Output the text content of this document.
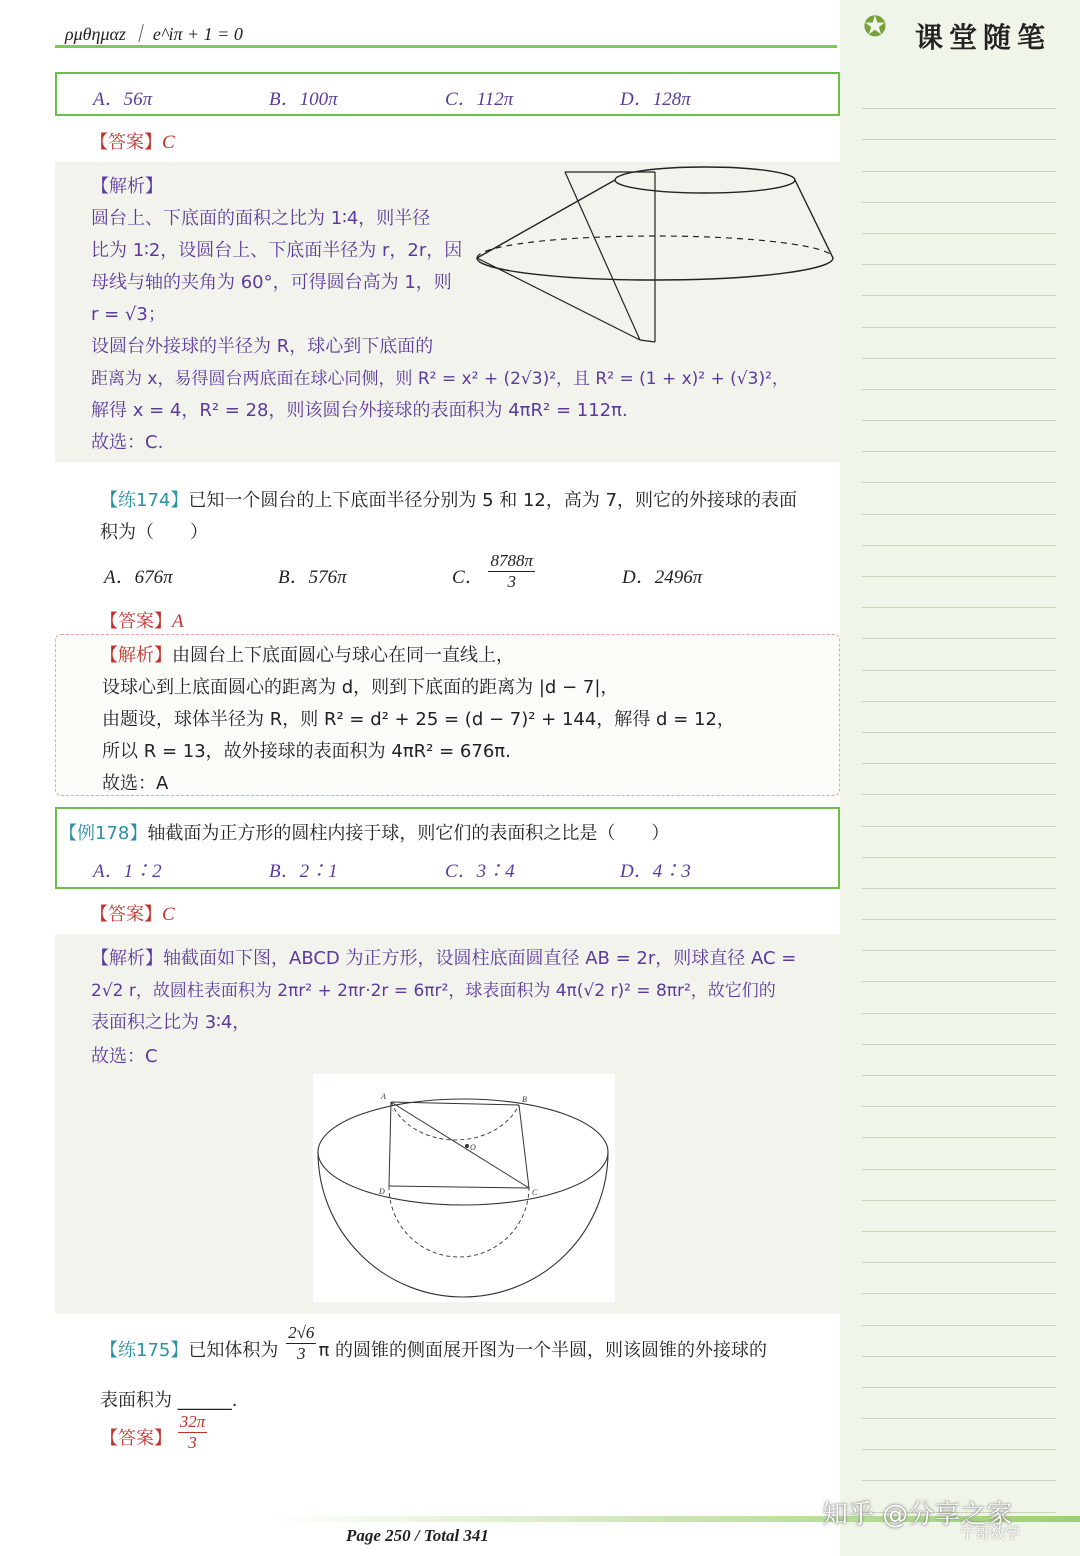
ρμθημαz ｜ e^iπ + 1 = 0	✪ 课堂随笔
A．56π	B．100π	C．112π	D．128π
【答案】C
【解析】
圆台上、下底面的面积之比为 1∶4，则半径
比为 1∶2，设圆台上、下底面半径为 r，2r，因
母线与轴的夹角为 60°，可得圆台高为 1，则
r = √3；
设圆台外接球的半径为 R，球心到下底面的
距离为 x，易得圆台两底面在球心同侧，则 R² = x² + (2√3)²，且 R² = (1 + x)² + (√3)²，
解得 x = 4，R² = 28，则该圆台外接球的表面积为 4πR² = 112π.
故选：C.
【练174】已知一个圆台的上下底面半径分别为 5 和 12，高为 7，则它的外接球的表面
积为（　　）
A．676π	B．576π	C． $\frac{8788\pi}{3}$	D．2496π
【答案】A
【解析】由圆台上下底面圆心与球心在同一直线上，
设球心到上底面圆心的距离为 d，则到下底面的距离为 |d − 7|，
由题设，球体半径为 R，则 R² = d² + 25 = (d − 7)² + 144，解得 d = 12，
所以 R = 13，故外接球的表面积为 4πR² = 676π.
故选：A
【例178】轴截面为正方形的圆柱内接于球，则它们的表面积之比是（　　）
A．1∶2	B．2∶1	C．3∶4	D．4∶3
【答案】C
【解析】轴截面如下图，ABCD 为正方形，设圆柱底面圆直径 AB = 2r，则球直径 AC =
2√2 r，故圆柱表面积为 2πr² + 2πr·2r = 6πr²，球表面积为 4π(√2 r)² = 8πr²，故它们的
表面积之比为 3∶4，
故选：C
A	B
D	C
O
【练175】已知体积为 $\frac{2√6}{3}$ π 的圆锥的侧面展开图为一个半圆，则该圆锥的外接球的
表面积为 ______.
【答案】 $\frac{32\pi}{3}$
Page 250 / Total 341
知乎 @分享之家
宁哥数学
